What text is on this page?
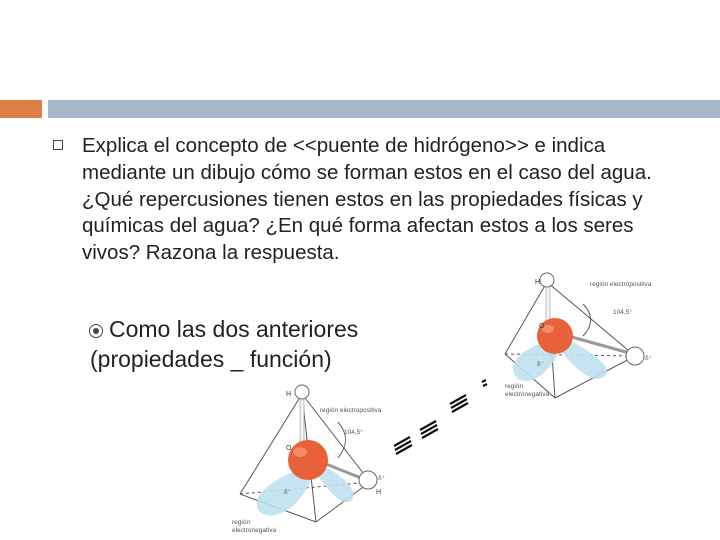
Explica el concepto de <<puente de hidrógeno>> e indica mediante un dibujo cómo se forman estos en el caso del agua. ¿Qué repercusiones tienen estos en las propiedades físicas y químicas del agua? ¿En qué forma afectan estos a los seres vivos? Razona la respuesta.
H
O
región electropositiva
104,5°
δ⁺
δ⁻
región
electronegativa
Como las dos anteriores
(propiedades _ función)
H
O
H
región electropositiva
104,5°
δ⁺
δ⁻
región
electronegativa
